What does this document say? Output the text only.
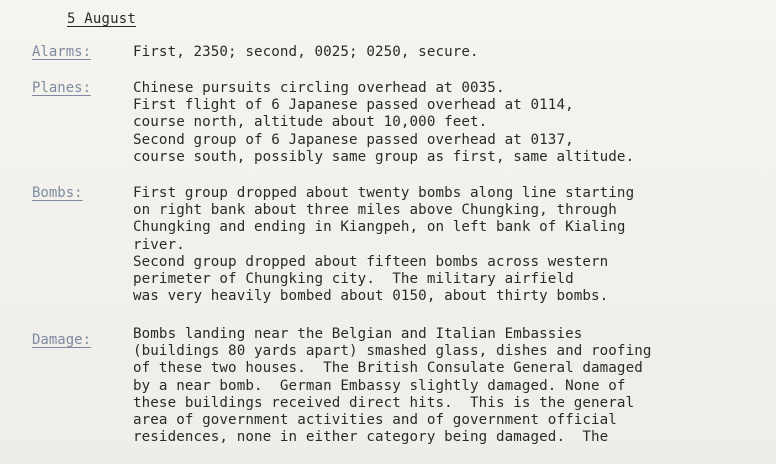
5 August
Alarms:	First, 2350; second, 0025; 0250, secure.
Planes:	Chinese pursuits circling overhead at 0035.
First flight of 6 Japanese passed overhead at 0114,
course north, altitude about 10,000 feet.
Second group of 6 Japanese passed overhead at 0137,
course south, possibly same group as first, same altitude.
Bombs:	First group dropped about twenty bombs along line starting
on right bank about three miles above Chungking, through
Chungking and ending in Kiangpeh, on left bank of Kialing
river.
Second group dropped about fifteen bombs across western
perimeter of Chungking city.  The military airfield
was very heavily bombed about 0150, about thirty bombs.
Damage:	Bombs landing near the Belgian and Italian Embassies
(buildings 80 yards apart) smashed glass, dishes and roofing
of these two houses.  The British Consulate General damaged
by a near bomb.  German Embassy slightly damaged. None of
these buildings received direct hits.  This is the general
area of government activities and of government official
residences, none in either category being damaged.  The
